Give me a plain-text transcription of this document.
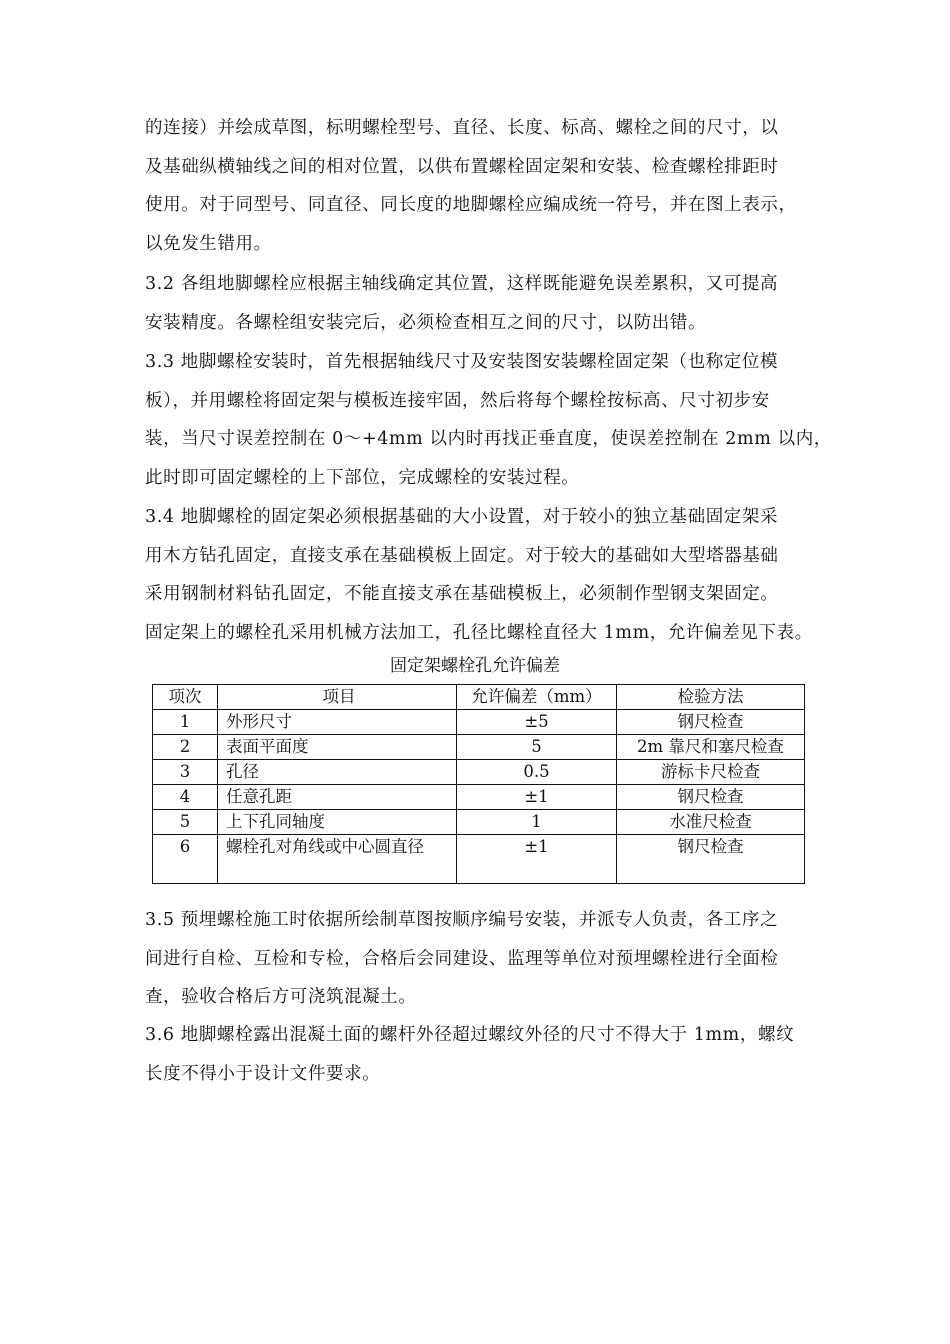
的连接）并绘成草图，标明螺栓型号、直径、长度、标高、螺栓之间的尺寸，以
及基础纵横轴线之间的相对位置，以供布置螺栓固定架和安装、检查螺栓排距时
使用。对于同型号、同直径、同长度的地脚螺栓应编成统一符号，并在图上表示，
以免发生错用。
3.2 各组地脚螺栓应根据主轴线确定其位置，这样既能避免误差累积，又可提高
安装精度。各螺栓组安装完后，必须检查相互之间的尺寸，以防出错。
3.3 地脚螺栓安装时，首先根据轴线尺寸及安装图安装螺栓固定架（也称定位模
板），并用螺栓将固定架与模板连接牢固，然后将每个螺栓按标高、尺寸初步安
装，当尺寸误差控制在 0～+4mm 以内时再找正垂直度，使误差控制在 2mm 以内，
此时即可固定螺栓的上下部位，完成螺栓的安装过程。
3.4 地脚螺栓的固定架必须根据基础的大小设置，对于较小的独立基础固定架采
用木方钻孔固定，直接支承在基础模板上固定。对于较大的基础如大型塔器基础
采用钢制材料钻孔固定，不能直接支承在基础模板上，必须制作型钢支架固定。
固定架上的螺栓孔采用机械方法加工，孔径比螺栓直径大 1mm，允许偏差见下表。
固定架螺栓孔允许偏差
项次	项目	允许偏差（mm）	检验方法
1	外形尺寸	±5	钢尺检查
2	表面平面度	5	2m 靠尺和塞尺检查
3	孔径	0.5	游标卡尺检查
4	任意孔距	±1	钢尺检查
5	上下孔同轴度	1	水准尺检查
6	螺栓孔对角线或中心圆直径	±1	钢尺检查
3.5 预埋螺栓施工时依据所绘制草图按顺序编号安装，并派专人负责，各工序之
间进行自检、互检和专检，合格后会同建设、监理等单位对预埋螺栓进行全面检
查，验收合格后方可浇筑混凝土。
3.6 地脚螺栓露出混凝土面的螺杆外径超过螺纹外径的尺寸不得大于 1mm，螺纹
长度不得小于设计文件要求。
